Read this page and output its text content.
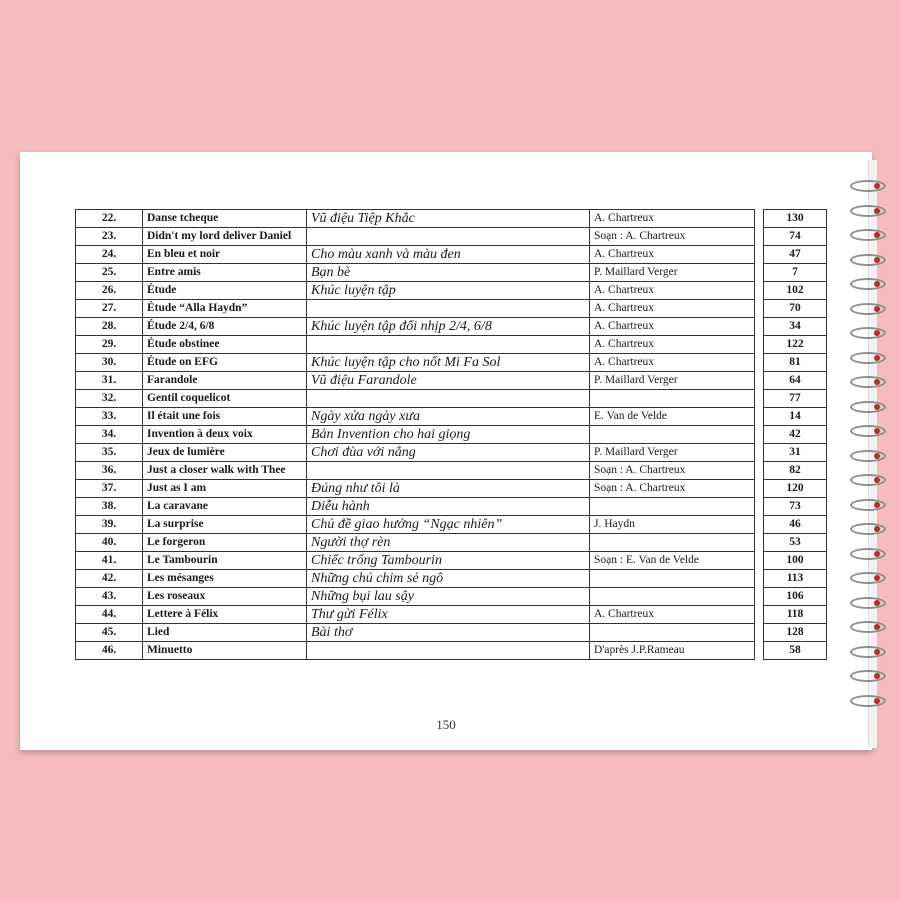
22.	Danse tcheque	Vũ điệu Tiệp Khắc	A. Chartreux		130
23.	Didn't my lord deliver Daniel		Soạn : A. Chartreux		74
24.	En bleu et noir	Cho màu xanh và màu đen	A. Chartreux		47
25.	Entre amis	Bạn bè	P. Maillard Verger		7
26.	Étude	Khúc luyện tập	A. Chartreux		102
27.	Étude “Alla Haydn”		A. Chartreux		70
28.	Étude 2/4, 6/8	Khúc luyện tập đổi nhịp 2/4, 6/8	A. Chartreux		34
29.	Étude obstinee		A. Chartreux		122
30.	Étude on EFG	Khúc luyện tập cho nốt Mi Fa Sol	A. Chartreux		81
31.	Farandole	Vũ điệu Farandole	P. Maillard Verger		64
32.	Gentil coquelicot				77
33.	Il était une fois	Ngày xửa ngày xưa	E. Van de Velde		14
34.	Invention à deux voix	Bản Invention cho hai giọng			42
35.	Jeux de lumière	Chơi đùa với nắng	P. Maillard Verger		31
36.	Just a closer walk with Thee		Soạn : A. Chartreux		82
37.	Just as I am	Đúng như tôi là	Soạn : A. Chartreux		120
38.	La caravane	Diễu hành			73
39.	La surprise	Chủ đề giao hưởng “Ngạc nhiên”	J. Haydn		46
40.	Le forgeron	Người thợ rèn			53
41.	Le Tambourin	Chiếc trống Tambourin	Soạn : E. Van de Velde		100
42.	Les mésanges	Những chú chim sẻ ngô			113
43.	Les roseaux	Những bụi lau sậy			106
44.	Lettere à Félix	Thư gửi Félix	A. Chartreux		118
45.	Lied	Bài thơ			128
46.	Minuetto		D'après J.P.Rameau		58
150
